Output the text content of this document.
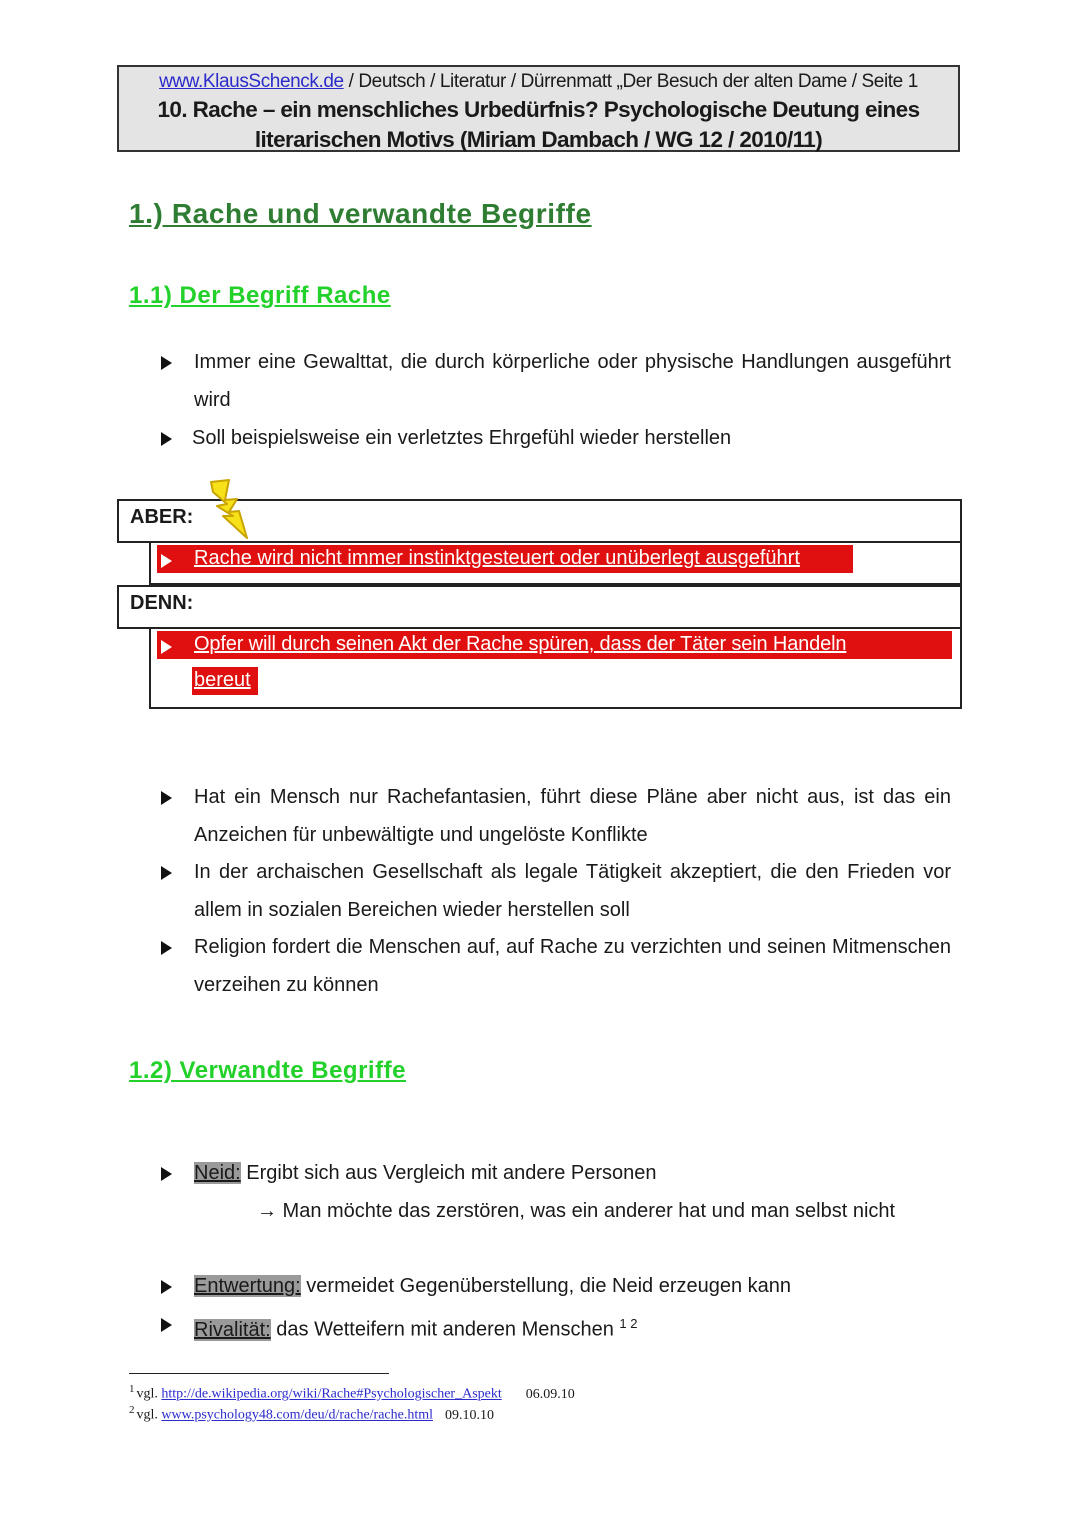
www.KlausSchenck.de / Deutsch / Literatur / Dürrenmatt „Der Besuch der alten Dame / Seite 1
10. Rache – ein menschliches Urbedürfnis? Psychologische Deutung eines
literarischen Motivs (Miriam Dambach / WG 12 / 2010/11)
1.) Rache und verwandte Begriffe
1.1) Der Begriff Rache
Immer eine Gewalttat, die durch körperliche oder physische Handlungen ausgeführt wird
Soll beispielsweise ein verletztes Ehrgefühl wieder herstellen
ABER:
Rache wird nicht immer instinktgesteuert oder unüberlegt ausgeführt
DENN:
Opfer will durch seinen Akt der Rache spüren, dass der Täter sein Handeln
bereut
Hat ein Mensch nur Rachefantasien, führt diese Pläne aber nicht aus, ist das ein Anzeichen für unbewältigte und ungelöste Konflikte
In der archaischen Gesellschaft als legale Tätigkeit akzeptiert, die den Frieden vor allem in sozialen Bereichen wieder herstellen soll
Religion fordert die Menschen auf, auf Rache zu verzichten und seinen Mitmenschen verzeihen zu können
1.2) Verwandte Begriffe
Neid: Ergibt sich aus Vergleich mit andere Personen
→ Man möchte das zerstören, was ein anderer hat und man selbst nicht
Entwertung: vermeidet Gegenüberstellung, die Neid erzeugen kann
Rivalität: das Wetteifern mit anderen Menschen $^{1 2}$
$^1$ vgl. http://de.wikipedia.org/wiki/Rache#Psychologischer_Aspekt 06.09.10
$^2$ vgl. www.psychology48.com/deu/d/rache/rache.html 09.10.10
